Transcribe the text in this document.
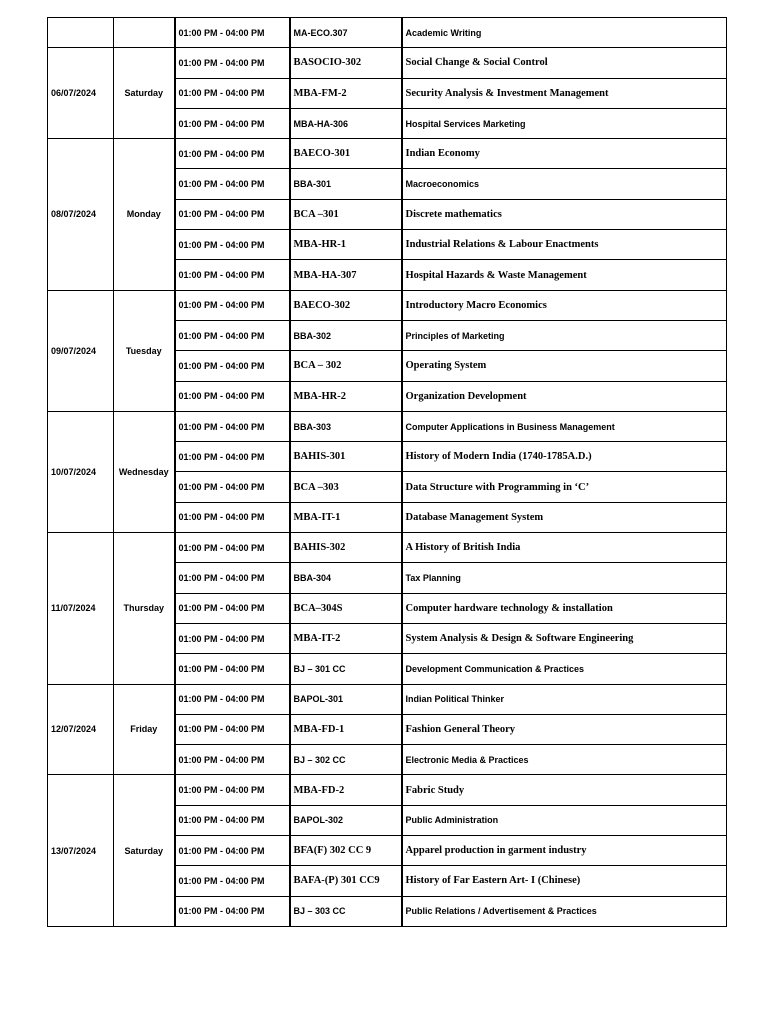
		01:00 PM - 04:00 PM	MA-ECO.307	Academic Writing
06/07/2024	Saturday	01:00 PM - 04:00 PM	BASOCIO-302	Social Change & Social Control
		01:00 PM - 04:00 PM	MBA-FM-2	Security Analysis & Investment Management
		01:00 PM - 04:00 PM	MBA-HA-306	Hospital Services Marketing
08/07/2024	Monday	01:00 PM - 04:00 PM	BAECO-301	Indian Economy
		01:00 PM - 04:00 PM	BBA-301	Macroeconomics
		01:00 PM - 04:00 PM	BCA –301	Discrete mathematics
		01:00 PM - 04:00 PM	MBA-HR-1	Industrial Relations & Labour Enactments
		01:00 PM - 04:00 PM	MBA-HA-307	Hospital Hazards & Waste Management
09/07/2024	Tuesday	01:00 PM - 04:00 PM	BAECO-302	Introductory Macro Economics
		01:00 PM - 04:00 PM	BBA-302	Principles of Marketing
		01:00 PM - 04:00 PM	BCA – 302	Operating System
		01:00 PM - 04:00 PM	MBA-HR-2	Organization Development
10/07/2024	Wednesday	01:00 PM - 04:00 PM	BBA-303	Computer Applications in Business Management
		01:00 PM - 04:00 PM	BAHIS-301	History of Modern India (1740-1785A.D.)
		01:00 PM - 04:00 PM	BCA –303	Data Structure with Programming in ‘C’
		01:00 PM - 04:00 PM	MBA-IT-1	Database Management System
11/07/2024	Thursday	01:00 PM - 04:00 PM	BAHIS-302	A History of British India
		01:00 PM - 04:00 PM	BBA-304	Tax Planning
		01:00 PM - 04:00 PM	BCA–304S	Computer hardware technology & installation
		01:00 PM - 04:00 PM	MBA-IT-2	System Analysis & Design & Software Engineering
		01:00 PM - 04:00 PM	BJ – 301 CC	Development Communication & Practices
12/07/2024	Friday	01:00 PM - 04:00 PM	BAPOL-301	Indian Political Thinker
		01:00 PM - 04:00 PM	MBA-FD-1	Fashion General Theory
		01:00 PM - 04:00 PM	BJ – 302 CC	Electronic Media & Practices
13/07/2024	Saturday	01:00 PM - 04:00 PM	MBA-FD-2	Fabric Study
		01:00 PM - 04:00 PM	BAPOL-302	Public Administration
		01:00 PM - 04:00 PM	BFA(F) 302 CC 9	Apparel production in garment industry
		01:00 PM - 04:00 PM	BAFA-(P) 301 CC9	History of Far Eastern Art- I (Chinese)
		01:00 PM - 04:00 PM	BJ – 303 CC	Public Relations / Advertisement & Practices
